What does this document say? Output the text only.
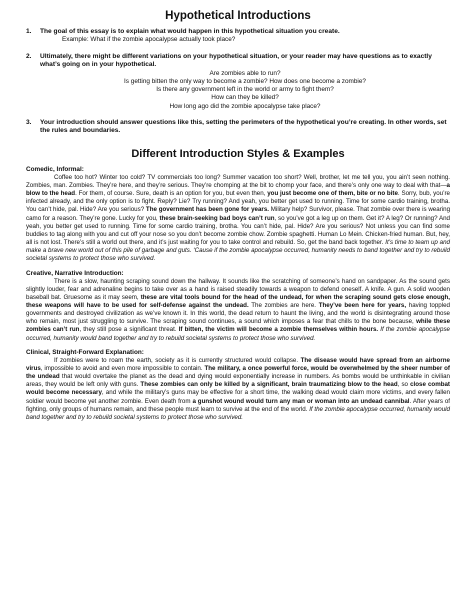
Hypothetical Introductions
1.	The goal of this essay is to explain what would happen in this hypothetical situation you create.
Example: What if the zombie apocalypse actually took place?
2.	Ultimately, there might be different variations on your hypothetical situation, or your reader may have questions as to exactly what’s going on in your hypothetical.
Are zombies able to run?
Is getting bitten the only way to become a zombie? How does one become a zombie?
Is there any government left in the world or army to fight them?
How can they be killed?
How long ago did the zombie apocalypse take place?
3.	Your introduction should answer questions like this, setting the perimeters of the hypothetical you’re creating. In other words, set the rules and boundaries.
Different Introduction Styles & Examples
Comedic, Informal:

Coffee too hot? Winter too cold? TV commercials too long? Summer vacation too short? Well, brother, let me tell you, you ain’t seen nothing. Zombies, man. Zombies. They’re here, and they’re serious. They’re chomping at the bit to chomp your face, and there’s only one way to deal with that—a blow to the head. For them, of course. Sure, death is an option for you, but even then, you just become one of them, bite or no bite. Sorry, bub, you’re infected already, and the only option is to fight. Reply? Lie? Try running? And yeah, you better get used to running. Time for some cardio training, brotha. You can’t hide, pal. Hide? Are you serious? The government has been gone for years. Military help? Survivor, please. That zombie over there is wearing camo for a reason. They’re gone. Lucky for you, these brain-seeking bad boys can’t run, so you’ve got a leg up on them. Get it? A leg? Or running? And yeah, you better get used to running. Time for some cardio training, brotha. You can’t hide, pal. Hide? Are you serious? Not unless you can find some buddies to tag along with you and cut off your nose so you don’t become zombie chow. Zombie spaghetti. Human Lo Mein. Chicken-fried human. But, hey, all is not lost. There’s still a world out there, and it’s just waiting for you to take control and rebuild. So, get the band back together. It’s time to team up and make a brave new world out of this pile of garbage and guts. ‘Cause if the zombie apocalypse occurred, humanity needs to band together and try to rebuild societal systems to protect those who survived.

Creative, Narrative Introduction:

There is a slow, haunting scraping sound down the hallway. It sounds like the scratching of someone’s hand on sandpaper. As the sound gets slightly louder, fear and adrenaline begins to take over as a hand is raised steadily towards a weapon to defend oneself. A knife. A gun. A solid wooden baseball bat. Gruesome as it may seem, these are vital tools bound for the head of the undead, for when the scraping sound gets close enough, these weapons will have to be used for self-defense against the undead. The zombies are here. They’ve been here for years, having toppled governments and destroyed civilization as we’ve known it. In this world, the dead return to haunt the living, and the world is disintegrating around those who remain, most just struggling to survive. The scraping sound continues, a sound which imposes a fear that chills to the bone because, while these zombies can’t run, they still pose a significant threat. If bitten, the victim will become a zombie themselves within hours. If the zombie apocalypse occurred, humanity would band together and try to rebuild societal systems to protect those who survived.

Clinical, Straight-Forward Explanation:

If zombies were to roam the earth, society as it is currently structured would collapse. The disease would have spread from an airborne virus, impossible to avoid and even more impossible to contain. The military, a once powerful force, would be overwhelmed by the sheer number of the undead that would overtake the planet as the dead and dying would exponentially increase in numbers. As bombs would be unthinkable in civilian areas, they would be left only with guns. These zombies can only be killed by a significant, brain traumatizing blow to the head, so close combat would become necessary, and while the military’s guns may be effective for a short time, the walking dead would claim more victims, and every fallen soldier would become yet another zombie. Even death from a gunshot wound would turn any man or woman into an undead cannibal. After years of fighting, only groups of humans remain, and these people must learn to survive at the end of the world. If the zombie apocalypse occurred, humanity would band together and try to rebuild societal systems to protect those who survived.
